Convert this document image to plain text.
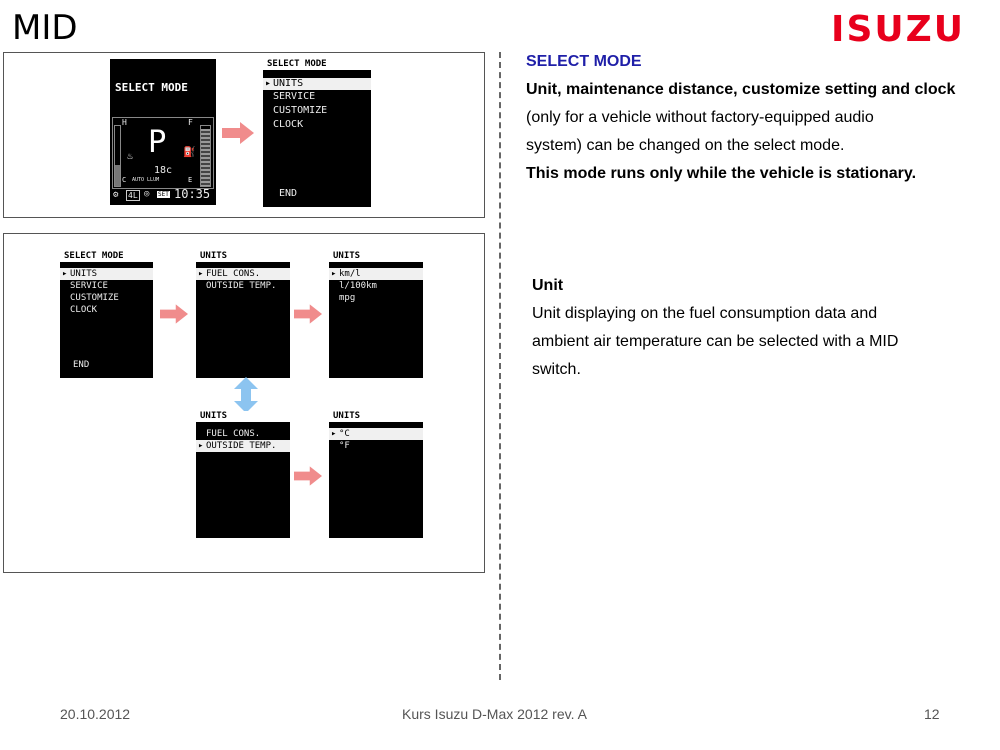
MID	ISUZU
SELECT MODE
H	F
P
♨	⛽
18c
C AUTO LLUM	E
⚙ 4L ◎ SET 10:35
SELECT MODE
▸ UNITS
SERVICE
CUSTOMIZE
CLOCK
END
SELECT MODE
▸ UNITS
SERVICE
CUSTOMIZE
CLOCK
END
UNITS
▸ FUEL CONS.
OUTSIDE TEMP.
UNITS
▸ km/l
l/100km
mpg
UNITS
FUEL CONS.
▸ OUTSIDE TEMP.
UNITS
▸ °C
°F
SELECT MODE
Unit, maintenance distance, customize setting and clock
(only for a vehicle without factory-equipped audio
system) can be changed on the select mode.
This mode runs only while the vehicle is stationary.
Unit
Unit displaying on the fuel consumption data and
ambient air temperature can be selected with a MID
switch.
20.10.2012	Kurs Isuzu D-Max 2012 rev. A	12
